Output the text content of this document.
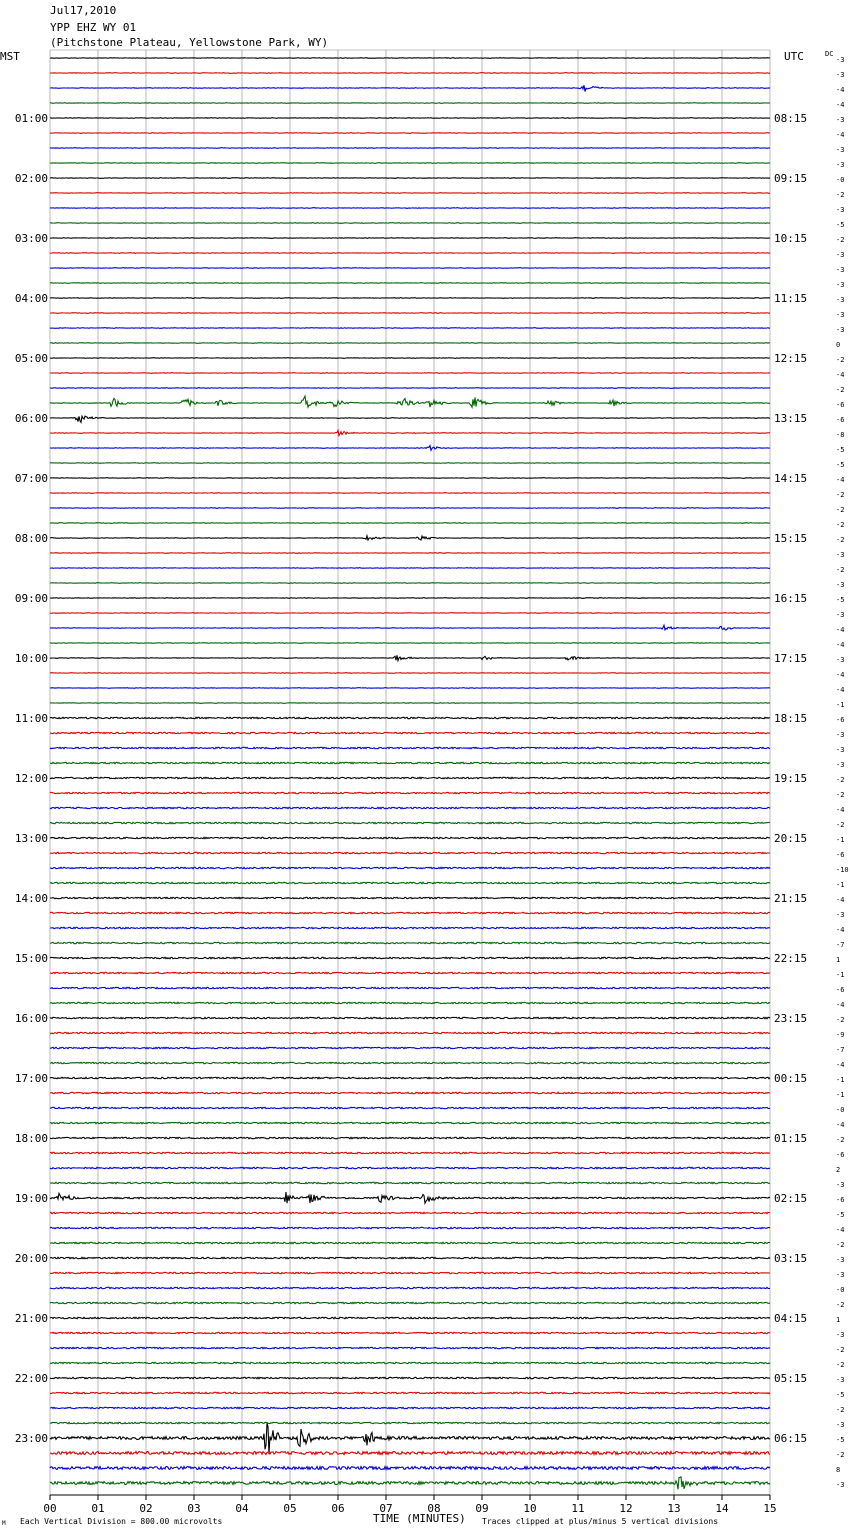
Jul17,2010
YPP EHZ WY 01
(Pitchstone Plateau, Yellowstone Park, WY)
MST	UTC	DC
TIME (MINUTES)
Each Vertical Division = 800.00 microvolts	Traces clipped at plus/minus 5 vertical divisions
M
00	01	02	03	04	05	06	07	08	09	10	11	12	13	14	15
-3
-3
-4
-4
-3
-4
-3
-3
-0
-2
-3
-5
-2
-3
-3
-3
-3
-3
-3
0
-2
-4
-2
-6
-6
-8
-5
-5
-4
-2
-2
-2
-2
-3
-2
-3
-5
-3
-4
-4
-3
-4
-4
-1
-6
-3
-3
-3
-2
-2
-4
-2
-1
-6
-10
-1
-4
-3
-4
-7
1
-1
-6
-4
-2
-9
-7
-4
-1
-1
-0
-4
-2
-6
2
-3
-6
-5
-4
-2
-3
-3
-0
-2
1
-3
-2
-2
-3
-5
-2
-3
-5
-2
8
-3
01:00
02:00
03:00
04:00
05:00
06:00
07:00
08:00
09:00
10:00
11:00
12:00
13:00
14:00
15:00
16:00
17:00
18:00
19:00
20:00
21:00
22:00
23:00
08:15
09:15
10:15
11:15
12:15
13:15
14:15
15:15
16:15
17:15
18:15
19:15
20:15
21:15
22:15
23:15
00:15
01:15
02:15
03:15
04:15
05:15
06:15
